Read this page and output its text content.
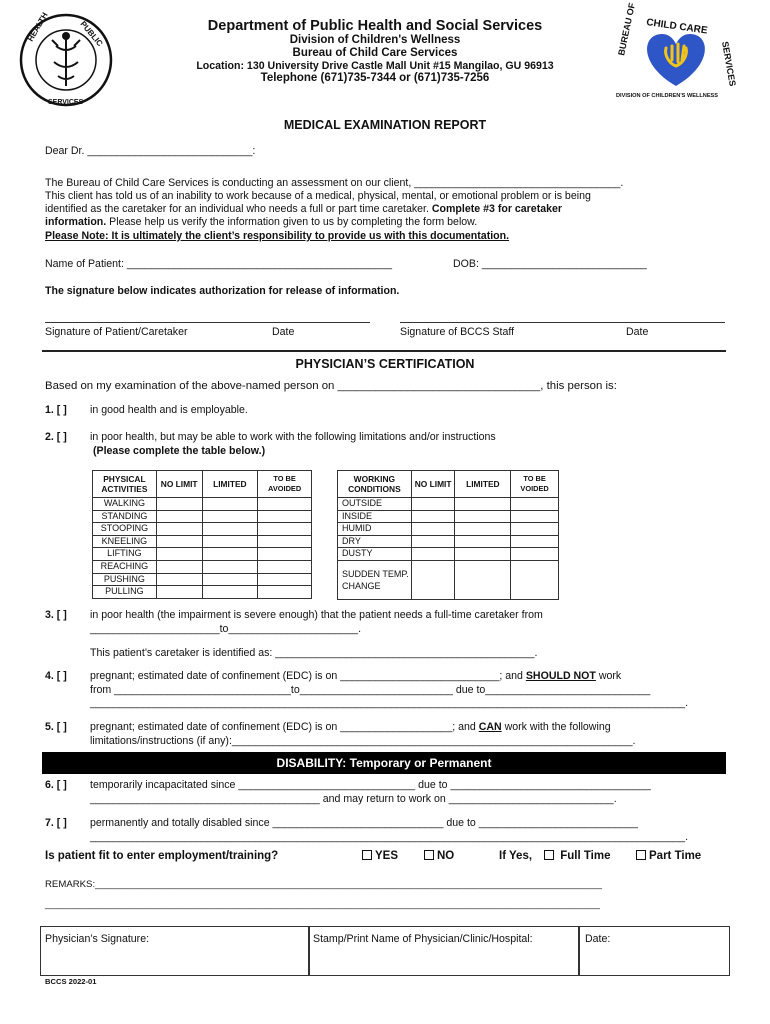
HEALTH	PUBLIC
SERVICES
Department of Public Health and Social Services
Division of Children's Wellness
Bureau of Child Care Services
Location: 130 University Drive Castle Mall Unit #15 Mangilao, GU 96913
Telephone (671)735-7344 or (671)735-7256
BUREAU OF CHILD CARE
SERVICES
DIVISION OF CHILDREN'S WELLNESS
MEDICAL EXAMINATION REPORT
Dear Dr. ____________________________:
The Bureau of Child Care Services is conducting an assessment on our client, ___________________________________.
This client has told us of an inability to work because of a medical, physical, mental, or emotional problem or is being
identified as the caretaker for an individual who needs a full or part time caretaker. Complete #3 for caretaker
information. Please help us verify the information given to us by completing the form below.
Please Note: It is ultimately the client’s responsibility to provide us with this documentation.
Name of Patient: _____________________________________________	DOB: ____________________________
The signature below indicates authorization for release of information.
Signature of Patient/Caretaker	Date	Signature of BCCS Staff	Date
PHYSICIAN’S CERTIFICATION
Based on my examination of the above-named person on ________________________________, this person is:
1. [ ] in good health and is employable.
2. [ ] in poor health, but may be able to work with the following limitations and/or instructions
(Please complete the table below.)
PHYSICAL ACTIVITIES	NO LIMIT	LIMITED	TO BE AVOIDED
WALKING			
STANDING			
STOOPING			
KNEELING			
LIFTING			
REACHING			
PUSHING			
PULLING			
WORKING CONDITIONS	NO LIMIT	LIMITED	TO BE VOIDED
OUTSIDE			
INSIDE			
HUMID			
DRY			
DUSTY			
SUDDEN TEMP. CHANGE			
3. [ ] in poor health (the impairment is severe enough) that the patient needs a full-time caretaker from
______________________to______________________.
This patient’s caretaker is identified as: ____________________________________________.
4. [ ] pregnant; estimated date of confinement (EDC) is on ___________________________; and SHOULD NOT work
from ______________________________to__________________________ due to____________________________
_____________________________________________________________________________________________________.
5. [ ] pregnant; estimated date of confinement (EDC) is on ___________________; and CAN work with the following
limitations/instructions (if any):____________________________________________________________________.
DISABILITY: Temporary or Permanent
6. [ ] temporarily incapacitated since ______________________________ due to __________________________________
_______________________________________ and may return to work on ____________________________.
7. [ ] permanently and totally disabled since _____________________________ due to ___________________________
_____________________________________________________________________________________________________.
Is patient fit to enter employment/training?	YES	NO	If Yes,	Full Time	Part Time
REMARKS:_______________________________________________________________________________________________
________________________________________________________________________________________________________
Physician’s Signature:	Stamp/Print Name of Physician/Clinic/Hospital:	Date:
BCCS 2022-01
